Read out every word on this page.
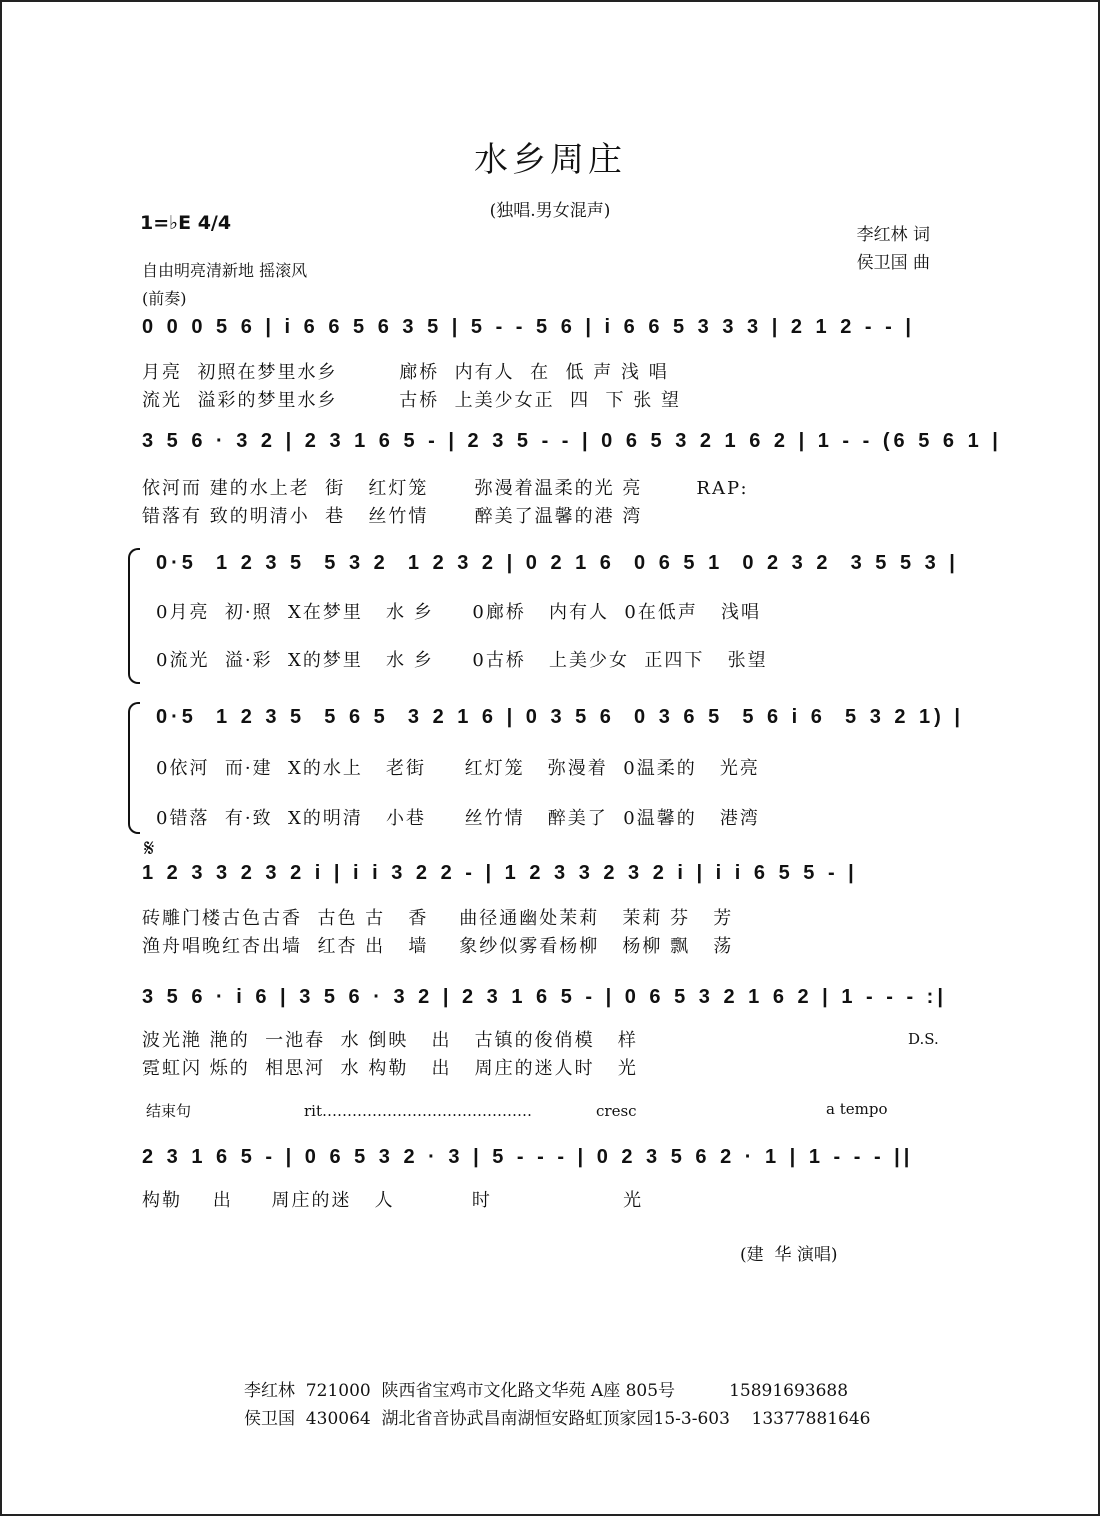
水乡周庄
(独唱.男女混声)
1=♭E 4/4
自由明亮清新地 摇滚风
(前奏)
李红林 词
侯卫国 曲
0 0 0 5 6 | i 6 6 5 6 3 5 | 5 - - 5 6 | i 6 6 5 3 3 3 | 2 1 2 - - |
月亮  初照在梦里水乡        廊桥  内有人  在  低 声 浅 唱
流光  溢彩的梦里水乡        古桥  上美少女正  四  下 张 望
3 5 6 · 3 2 | 2 3 1 6 5 - | 2 3 5 - - | 0 6 5 3 2 1 6 2 | 1 - - (6 5 6 1 |
依河而 建的水上老  街   红灯笼      弥漫着温柔的光 亮       RAP:
错落有 致的明清小  巷   丝竹情      醉美了温馨的港 湾
0·5  1 2 3 5  5 3 2  1 2 3 2 | 0 2 1 6  0 6 5 1  0 2 3 2  3 5 5 3 |
0月亮  初·照  X在梦里   水 乡     0廊桥   内有人  0在低声   浅唱
0流光  溢·彩  X的梦里   水 乡     0古桥   上美少女  正四下   张望
0·5  1 2 3 5  5 6 5  3 2 1 6 | 0 3 5 6  0 3 6 5  5 6 i 6  5 3 2 1) |
0依河  而·建  X的水上   老街     红灯笼   弥漫着  0温柔的   光亮
0错落  有·致  X的明清   小巷     丝竹情   醉美了  0温馨的   港湾
𝄋
1 2 3 3 2 3 2 i | i i 3 2 2 - | 1 2 3 3 2 3 2 i | i i 6 5 5 - |
砖雕门楼古色古香  古色 古   香    曲径通幽处茉莉   茉莉 芬   芳
渔舟唱晚红杏出墙  红杏 出   墙    象纱似雾看杨柳   杨柳 飘   荡
3 5 6 · i 6 | 3 5 6 · 3 2 | 2 3 1 6 5 - | 0 6 5 3 2 1 6 2 | 1 - - - :|
波光滟 滟的  一池春  水 倒映   出   古镇的俊俏模   样
霓虹闪 烁的  相思河  水 构勒   出   周庄的迷人时   光
D.S.
结束句	rit……………………………………	cresc	a tempo
2 3 1 6 5 - | 0 6 5 3 2 · 3 | 5 - - - | 0 2 3 5 6 2 · 1 | 1 - - - ||
构勒    出     周庄的迷   人          时                 光
(建  华 演唱)
李红林  721000  陕西省宝鸡市文化路文华苑 A座 805号          15891693688
侯卫国  430064  湖北省音协武昌南湖恒安路虹顶家园15-3-603    13377881646
